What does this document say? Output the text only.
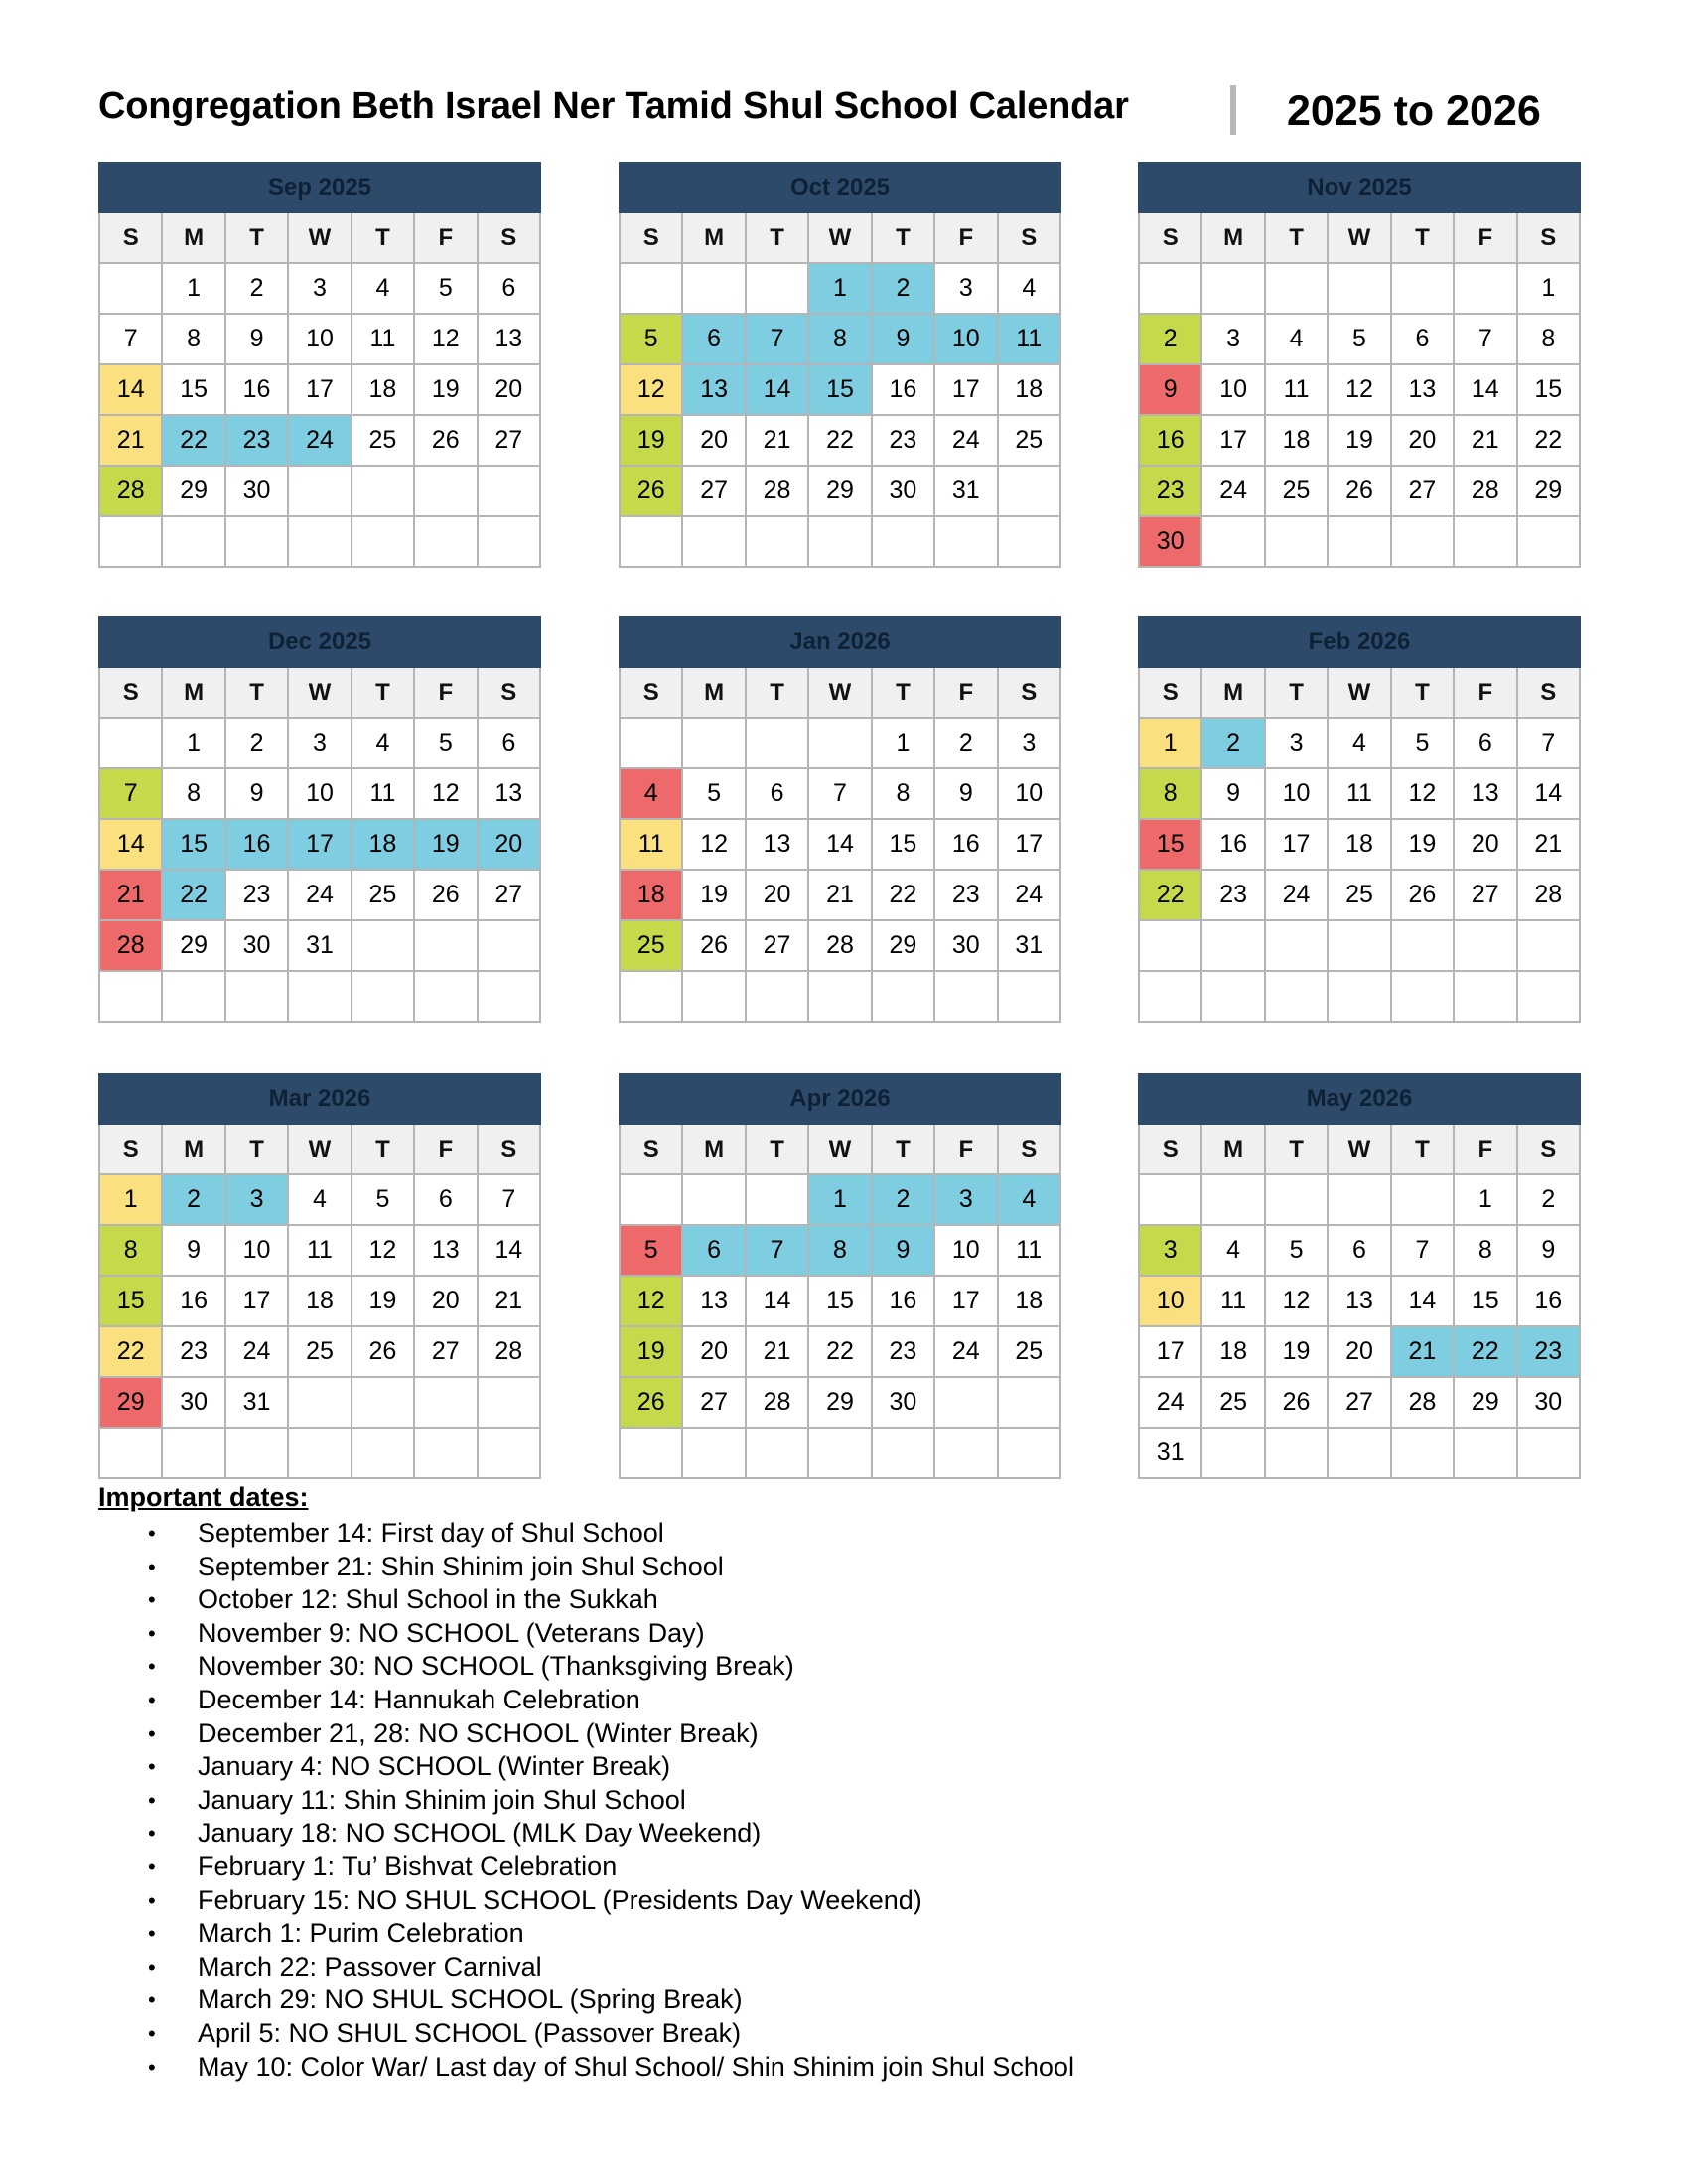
Congregation Beth Israel Ner Tamid Shul School Calendar	2025 to 2026
Sep 2025						
S	M	T	W	T	F	S
	1	2	3	4	5	6
7	8	9	10	11	12	13
14	15	16	17	18	19	20
21	22	23	24	25	26	27
28	29	30				

Oct 2025						
S	M	T	W	T	F	S
			1	2	3	4
5	6	7	8	9	10	11
12	13	14	15	16	17	18
19	20	21	22	23	24	25
26	27	28	29	30	31	

Nov 2025						
S	M	T	W	T	F	S
						1
2	3	4	5	6	7	8
9	10	11	12	13	14	15
16	17	18	19	20	21	22
23	24	25	26	27	28	29
30						
Dec 2025						
S	M	T	W	T	F	S
	1	2	3	4	5	6
7	8	9	10	11	12	13
14	15	16	17	18	19	20
21	22	23	24	25	26	27
28	29	30	31			

Jan 2026						
S	M	T	W	T	F	S
				1	2	3
4	5	6	7	8	9	10
11	12	13	14	15	16	17
18	19	20	21	22	23	24
25	26	27	28	29	30	31

Feb 2026						
S	M	T	W	T	F	S
1	2	3	4	5	6	7
8	9	10	11	12	13	14
15	16	17	18	19	20	21
22	23	24	25	26	27	28

Mar 2026						
S	M	T	W	T	F	S
1	2	3	4	5	6	7
8	9	10	11	12	13	14
15	16	17	18	19	20	21
22	23	24	25	26	27	28
29	30	31				

Apr 2026						
S	M	T	W	T	F	S
			1	2	3	4
5	6	7	8	9	10	11
12	13	14	15	16	17	18
19	20	21	22	23	24	25
26	27	28	29	30		

May 2026						
S	M	T	W	T	F	S
					1	2
3	4	5	6	7	8	9
10	11	12	13	14	15	16
17	18	19	20	21	22	23
24	25	26	27	28	29	30
31						
Important dates:
• September 14: First day of Shul School
• September 21: Shin Shinim join Shul School
• October 12: Shul School in the Sukkah
• November 9: NO SCHOOL (Veterans Day)
• November 30: NO SCHOOL (Thanksgiving Break)
• December 14: Hannukah Celebration
• December 21, 28: NO SCHOOL (Winter Break)
• January 4: NO SCHOOL (Winter Break)
• January 11: Shin Shinim join Shul School
• January 18: NO SCHOOL (MLK Day Weekend)
• February 1: Tu’ Bishvat Celebration
• February 15: NO SHUL SCHOOL (Presidents Day Weekend)
• March 1: Purim Celebration
• March 22: Passover Carnival
• March 29: NO SHUL SCHOOL (Spring Break)
• April 5: NO SHUL SCHOOL (Passover Break)
• May 10: Color War/ Last day of Shul School/ Shin Shinim join Shul School
